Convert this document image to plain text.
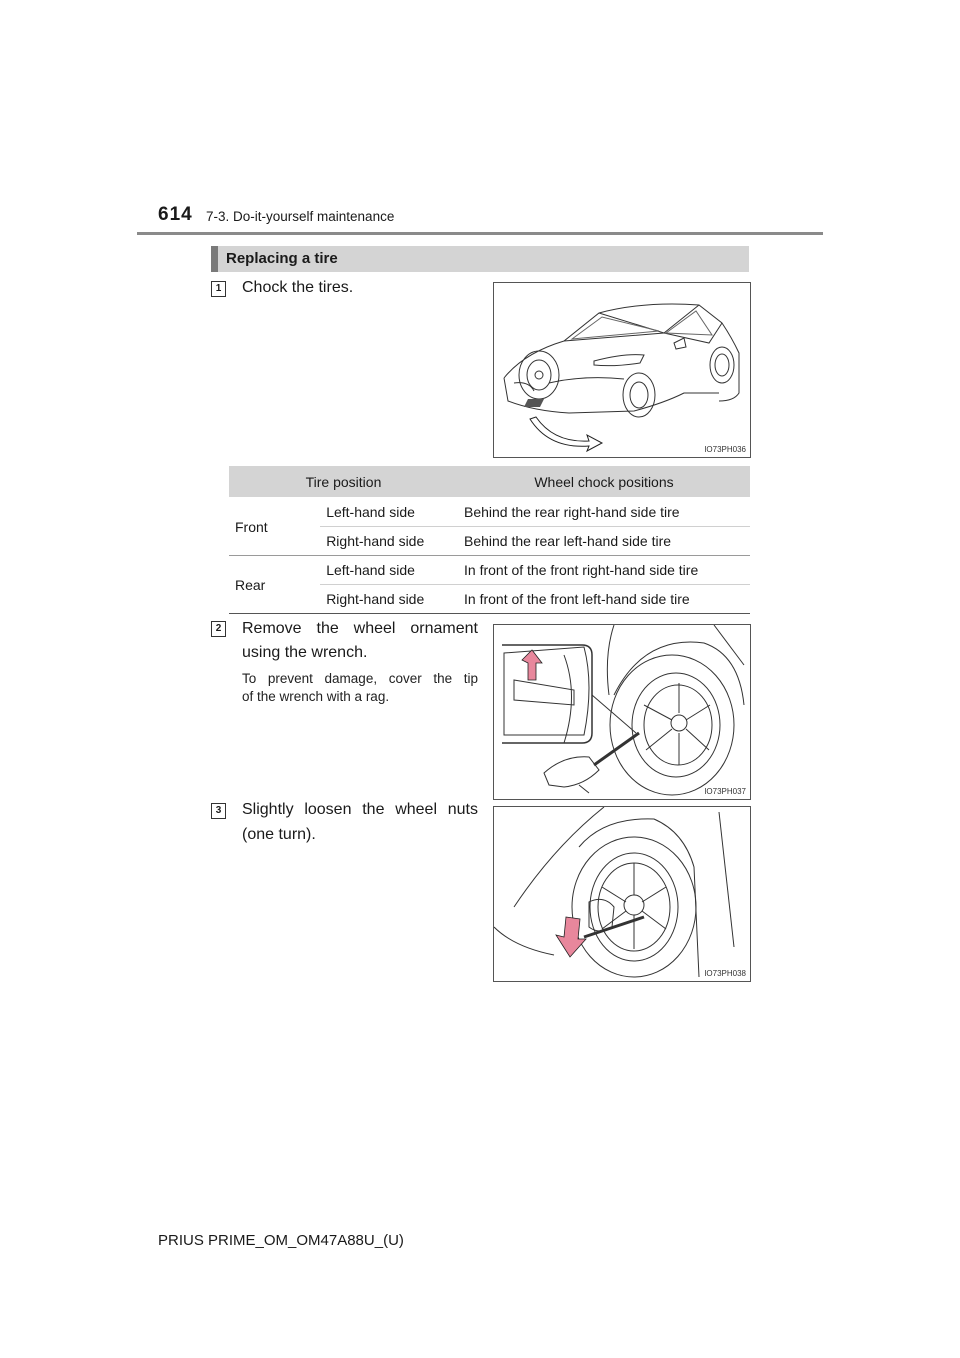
614 7-3. Do-it-yourself maintenance
Replacing a tire
1 Chock the tires.
IO73PH036
Tire position		Wheel chock positions
Front	Left-hand side	Behind the rear right-hand side tire
	Right-hand side	Behind the rear left-hand side tire
Rear	Left-hand side	In front of the front right-hand side tire
	Right-hand side	In front of the front left-hand side tire
2 Remove the wheel ornament
using the wrench.
To prevent damage, cover the tip
of the wrench with a rag.
IO73PH037
3 Slightly loosen the wheel nuts
(one turn).
IO73PH038
PRIUS PRIME_OM_OM47A88U_(U)
